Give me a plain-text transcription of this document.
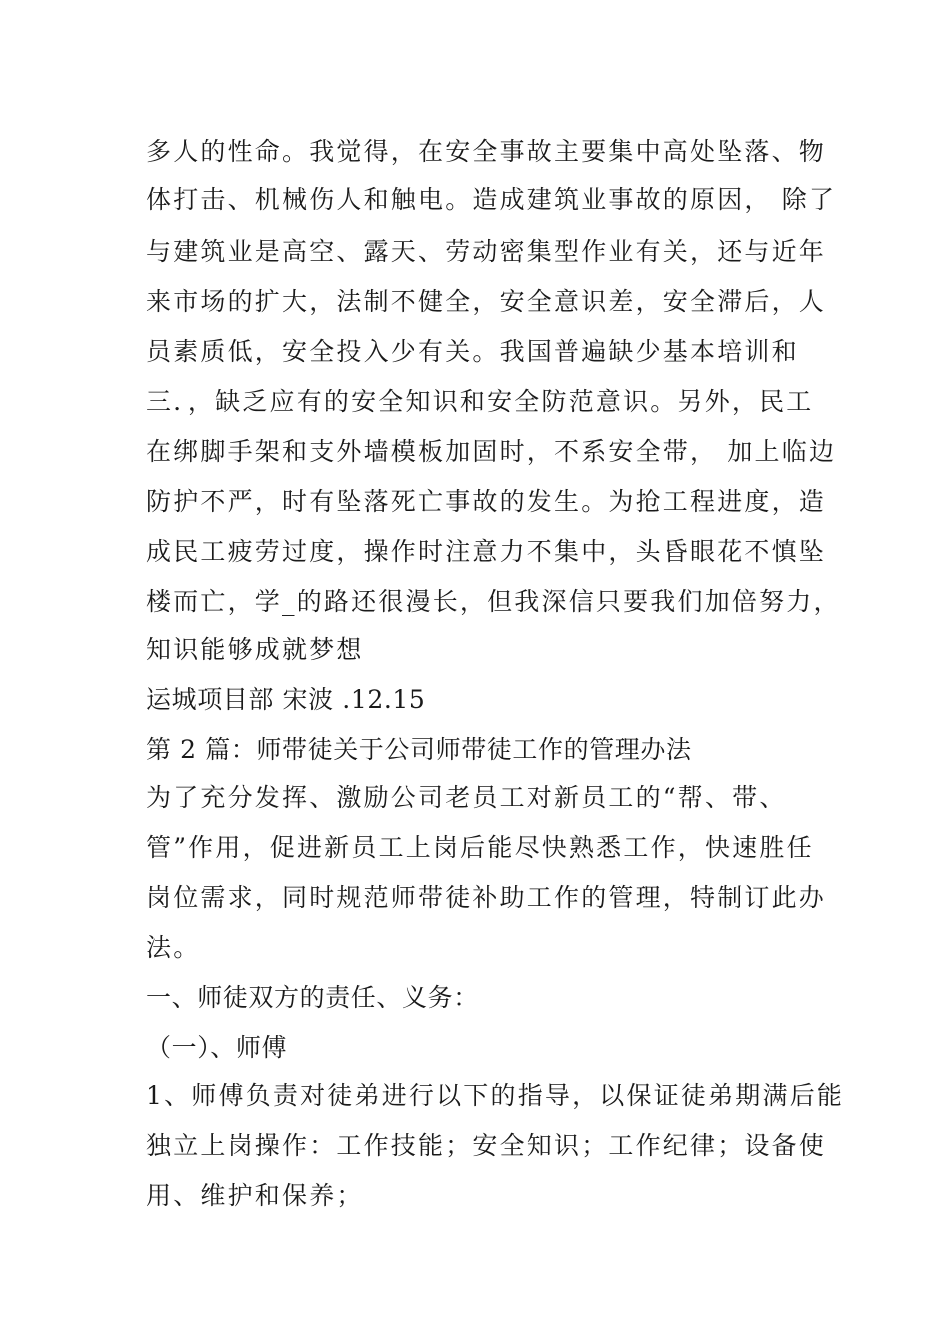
多人的性命。我觉得，在安全事故主要集中高处坠落、物
体打击、机械伤人和触电。造成建筑业事故的原因， 除了
与建筑业是高空、露天、劳动密集型作业有关，还与近年
来市场的扩大，法制不健全，安全意识差，安全滞后，人
员素质低，安全投入少有关。我国普遍缺少基本培训和
三．，缺乏应有的安全知识和安全防范意识。另外，民工
在绑脚手架和支外墙模板加固时，不系安全带， 加上临边
防护不严，时有坠落死亡事故的发生。为抢工程进度，造
成民工疲劳过度，操作时注意力不集中，头昏眼花不慎坠
楼而亡，学_的路还很漫长，但我深信只要我们加倍努力，
知识能够成就梦想
运城项目部 宋波 .12.15
第 2 篇：师带徒关于公司师带徒工作的管理办法
为了充分发挥、激励公司老员工对新员工的“帮、带、
管”作用，促进新员工上岗后能尽快熟悉工作，快速胜任
岗位需求，同时规范师带徒补助工作的管理，特制订此办
法。
一、师徒双方的责任、义务：
（一）、师傅
1、师傅负责对徒弟进行以下的指导，以保证徒弟期满后能
独立上岗操作：工作技能；安全知识；工作纪律；设备使
用、维护和保养；
